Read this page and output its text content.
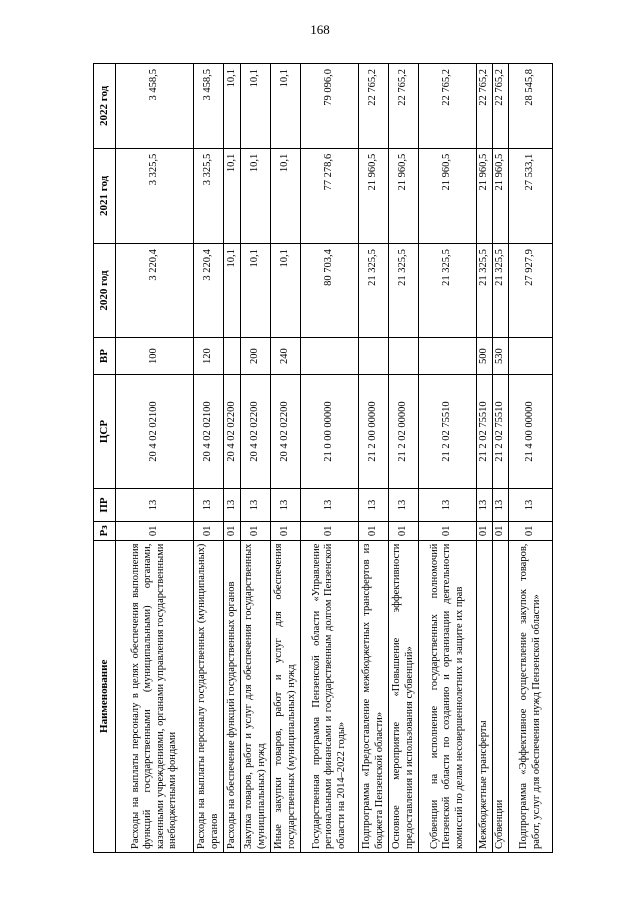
168
Наименование	Рз	ПР	ЦСР	ВР	2020 год	2021 год	2022 год
Расходы на выплаты персоналу в целях обеспечения выполнения функций государственными (муниципальными) органами, казенными учреждениями, органами управления государственными внебюджетными фондами	01	13	20 4 02 02100	100	3 220,4	3 325,5	3 458,5
Расходы на выплаты персоналу государственных (муниципальных) органов	01	13	20 4 02 02100	120	3 220,4	3 325,5	3 458,5
Расходы на обеспечение функций государственных органов	01	13	20 4 02 02200		10,1	10,1	10,1
Закупка товаров, работ и услуг для обеспечения государственных (муниципальных) нужд	01	13	20 4 02 02200	200	10,1	10,1	10,1
Иные закупки товаров, работ и услуг для обеспечения государственных (муниципальных) нужд	01	13	20 4 02 02200	240	10,1	10,1	10,1
Государственная программа Пензенской области «Управление региональными финансами и государственным долгом Пензенской области на 2014–2022 годы»	01	13	21 0 00 00000		80 703,4	77 278,6	79 096,0
Подпрограмма «Предоставление межбюджетных трансфертов из бюджета Пензенской области»	01	13	21 2 00 00000		21 325,5	21 960,5	22 765,2
Основное мероприятие «Повышение эффективности предоставления и использования субвенций»	01	13	21 2 02 00000		21 325,5	21 960,5	22 765,2
Субвенции на исполнение государственных полномочий Пензенской области по созданию и организации деятельности комиссий по делам несовершеннолетних и защите их прав	01	13	21 2 02 75510		21 325,5	21 960,5	22 765,2
Межбюджетные трансферты	01	13	21 2 02 75510	500	21 325,5	21 960,5	22 765,2
Субвенции	01	13	21 2 02 75510	530	21 325,5	21 960,5	22 765,2
Подпрограмма «Эффективное осуществление закупок товаров, работ, услуг для обеспечения нужд Пензенской области»	01	13	21 4 00 00000		27 927,9	27 533,1	28 545,8
